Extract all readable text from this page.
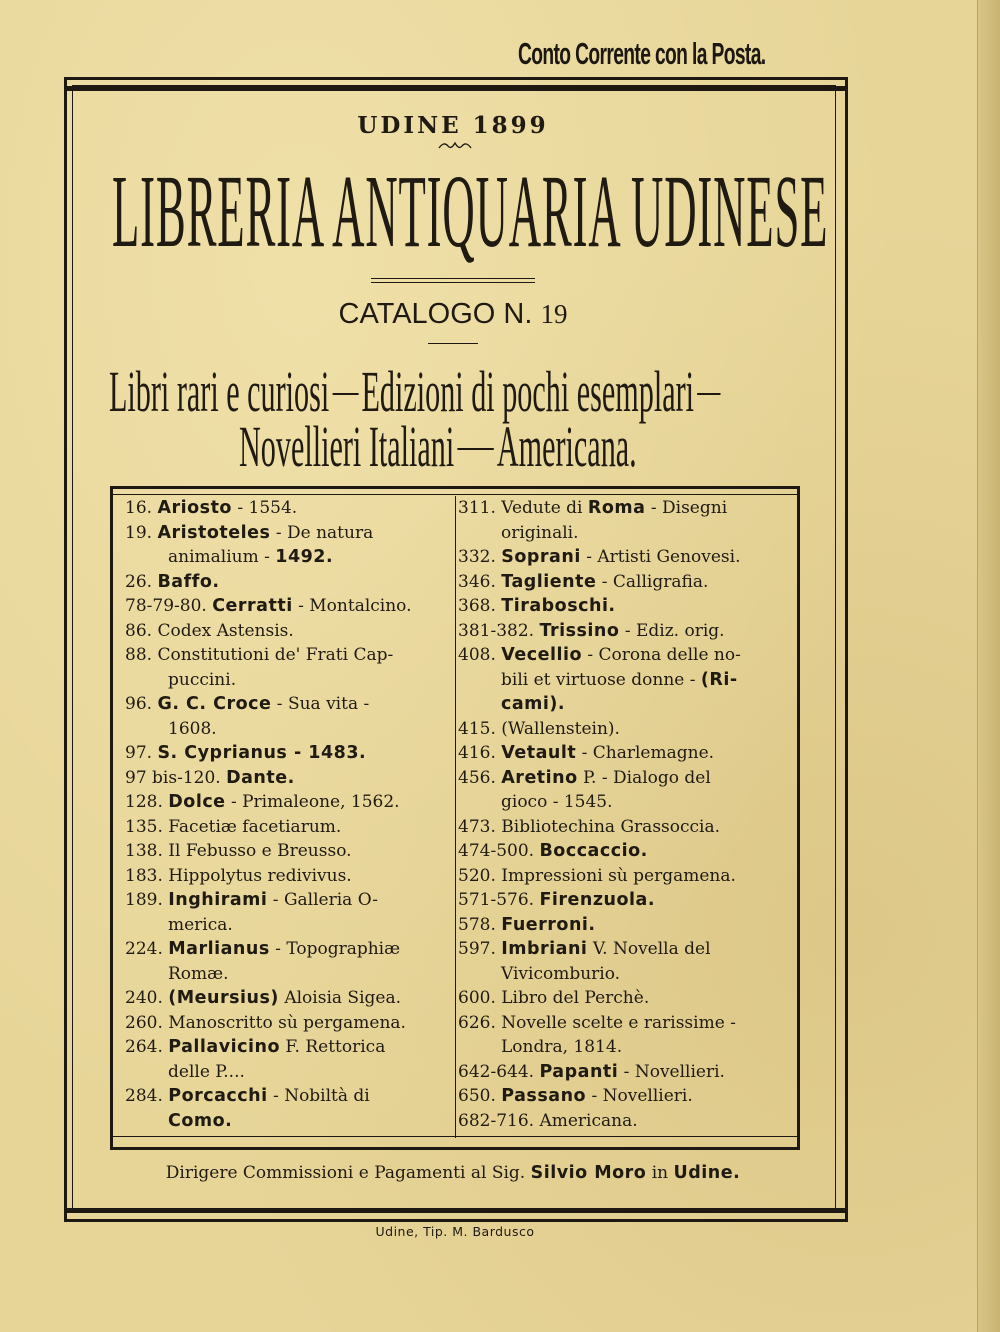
Conto Corrente con la Posta.
UDINE 1899
LIBRERIA ANTIQUARIA UDINESE
CATALOGO N. 19
Libri rari e curiosi Edizioni di pochi esemplari
Novellieri Italiani Americana.
16. Ariosto - 1554.
19. Aristoteles - De natura
animalium - 1492.
26. Baffo.
78-79-80. Cerratti - Montalcino.
86. Codex Astensis.
88. Constitutioni de' Frati Cap-
puccini.
96. G. C. Croce - Sua vita -
1608.
97. S. Cyprianus - 1483.
97 bis-120. Dante.
128. Dolce - Primaleone, 1562.
135. Facetiæ facetiarum.
138. Il Febusso e Breusso.
183. Hippolytus redivivus.
189. Inghirami - Galleria O-
merica.
224. Marlianus - Topographiæ
Romæ.
240. (Meursius) Aloisia Sigea.
260. Manoscritto sù pergamena.
264. Pallavicino F. Rettorica
delle P....
284. Porcacchi - Nobiltà di
Como.
311. Vedute di Roma - Disegni
originali.
332. Soprani - Artisti Genovesi.
346. Tagliente - Calligrafia.
368. Tiraboschi.
381-382. Trissino - Ediz. orig.
408. Vecellio - Corona delle no-
bili et virtuose donne - (Ri-
cami).
415. (Wallenstein).
416. Vetault - Charlemagne.
456. Aretino P. - Dialogo del
gioco - 1545.
473. Bibliotechina Grassoccia.
474-500. Boccaccio.
520. Impressioni sù pergamena.
571-576. Firenzuola.
578. Fuerroni.
597. Imbriani V. Novella del
Vivicomburio.
600. Libro del Perchè.
626. Novelle scelte e rarissime -
Londra, 1814.
642-644. Papanti - Novellieri.
650. Passano - Novellieri.
682-716. Americana.
Dirigere Commissioni e Pagamenti al Sig. Silvio Moro in Udine.
Udine, Tip. M. Bardusco
